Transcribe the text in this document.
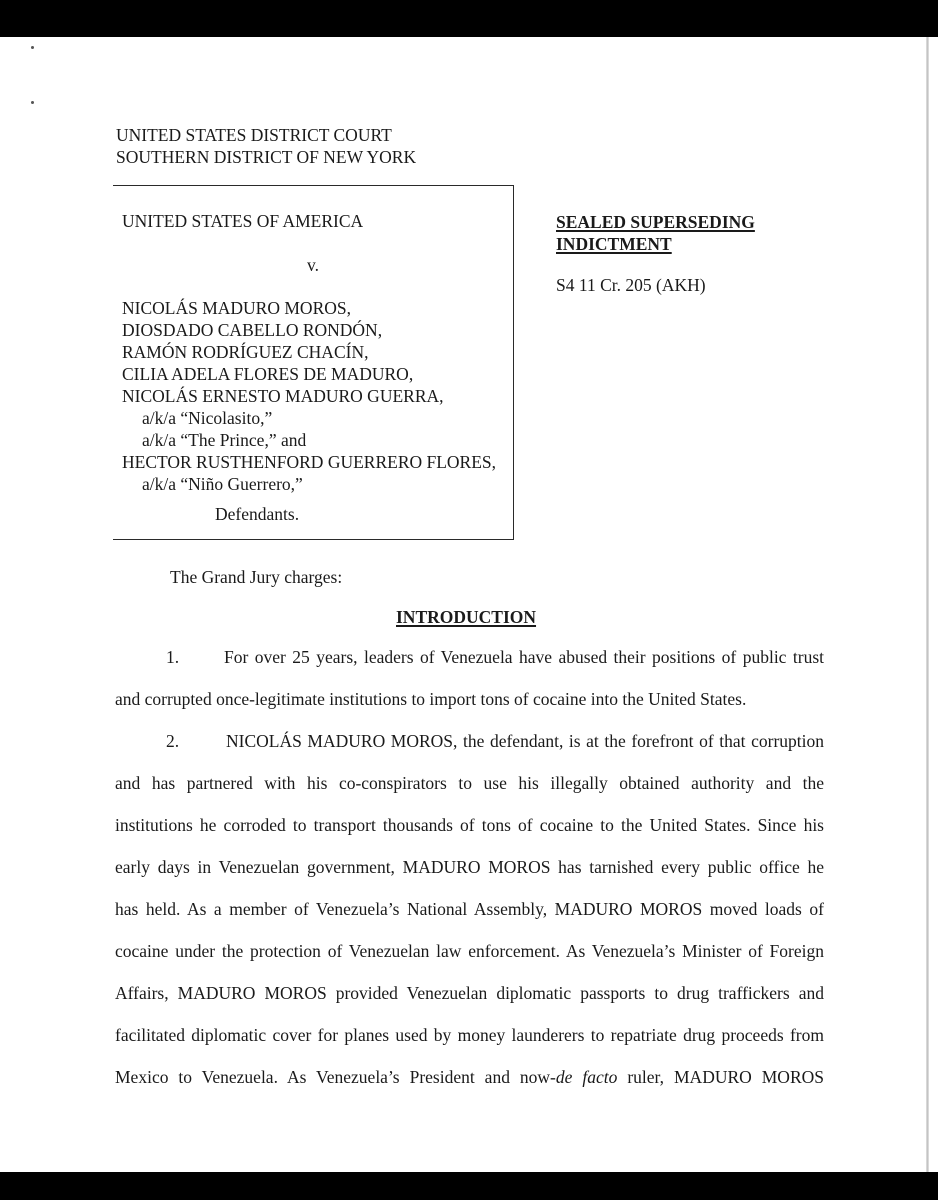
UNITED STATES DISTRICT COURT
SOUTHERN DISTRICT OF NEW YORK
UNITED STATES OF AMERICA
v.
NICOLÁS MADURO MOROS,
DIOSDADO CABELLO RONDÓN,
RAMÓN RODRÍGUEZ CHACÍN,
CILIA ADELA FLORES DE MADURO,
NICOLÁS ERNESTO MADURO GUERRA,
a/k/a “Nicolasito,”
a/k/a “The Prince,” and
HECTOR RUSTHENFORD GUERRERO FLORES,
a/k/a “Niño Guerrero,”
Defendants.
SEALED SUPERSEDING
INDICTMENT
S4 11 Cr. 205 (AKH)
The Grand Jury charges:
INTRODUCTION
1.	For over 25 years, leaders of Venezuela have abused their positions of public trust
and corrupted once-legitimate institutions to import tons of cocaine into the United States.
2.	NICOLÁS MADURO MOROS, the defendant, is at the forefront of that corruption
and has partnered with his co-conspirators to use his illegally obtained authority and the
institutions he corroded to transport thousands of tons of cocaine to the United States. Since his
early days in Venezuelan government, MADURO MOROS has tarnished every public office he
has held. As a member of Venezuela’s National Assembly, MADURO MOROS moved loads of
cocaine under the protection of Venezuelan law enforcement. As Venezuela’s Minister of Foreign
Affairs, MADURO MOROS provided Venezuelan diplomatic passports to drug traffickers and
facilitated diplomatic cover for planes used by money launderers to repatriate drug proceeds from
Mexico to Venezuela. As Venezuela’s President and now-de facto ruler, MADURO MOROS
